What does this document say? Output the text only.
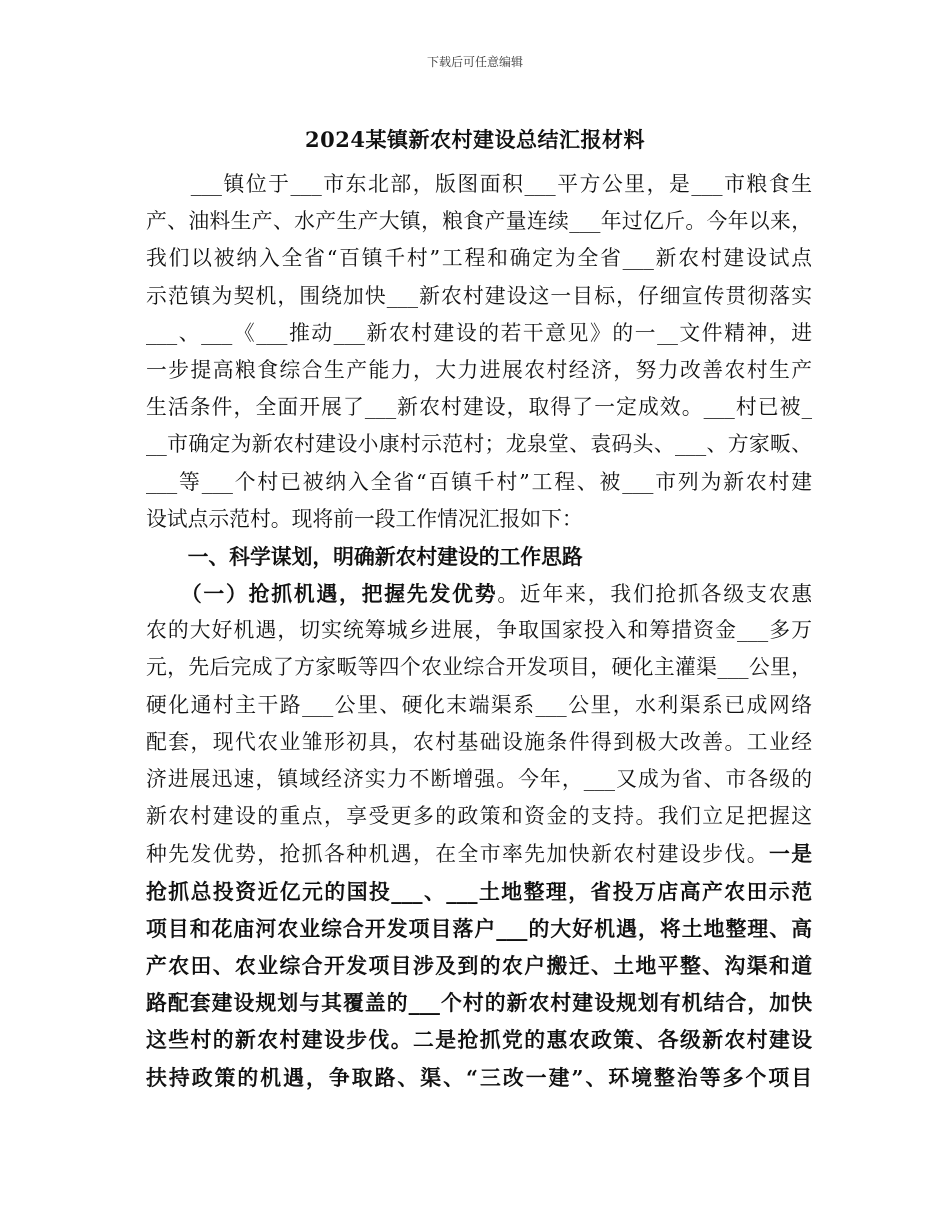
下载后可任意编辑
2024某镇新农村建设总结汇报材料
　　___镇位于___市东北部，版图面积___平方公里，是___市粮食生
产、油料生产、水产生产大镇，粮食产量连续___年过亿斤。今年以来，
我们以被纳入全省“百镇千村”工程和确定为全省___新农村建设试点
示范镇为契机，围绕加快___新农村建设这一目标，仔细宣传贯彻落实
___、___《___推动___新农村建设的若干意见》的一__文件精神，进
一步提高粮食综合生产能力，大力进展农村经济，努力改善农村生产
生活条件，全面开展了___新农村建设，取得了一定成效。___村已被_
__市确定为新农村建设小康村示范村；龙泉堂、袁码头、___、方家畈、
___等___个村已被纳入全省“百镇千村”工程、被___市列为新农村建
设试点示范村。现将前一段工作情况汇报如下：
　　一、科学谋划，明确新农村建设的工作思路
　　（一）抢抓机遇，把握先发优势。近年来，我们抢抓各级支农惠
农的大好机遇，切实统筹城乡进展，争取国家投入和筹措资金___多万
元，先后完成了方家畈等四个农业综合开发项目，硬化主灌渠___公里，
硬化通村主干路___公里、硬化末端渠系___公里，水利渠系已成网络
配套，现代农业雏形初具，农村基础设施条件得到极大改善。工业经
济进展迅速，镇域经济实力不断增强。今年，___又成为省、市各级的
新农村建设的重点，享受更多的政策和资金的支持。我们立足把握这
种先发优势，抢抓各种机遇，在全市率先加快新农村建设步伐。一是
抢抓总投资近亿元的国投___、___土地整理，省投万店高产农田示范
项目和花庙河农业综合开发项目落户___的大好机遇，将土地整理、高
产农田、农业综合开发项目涉及到的农户搬迁、土地平整、沟渠和道
路配套建设规划与其覆盖的___个村的新农村建设规划有机结合，加快
这些村的新农村建设步伐。二是抢抓党的惠农政策、各级新农村建设
扶持政策的机遇，争取路、渠、“三改一建”、环境整治等多个项目
